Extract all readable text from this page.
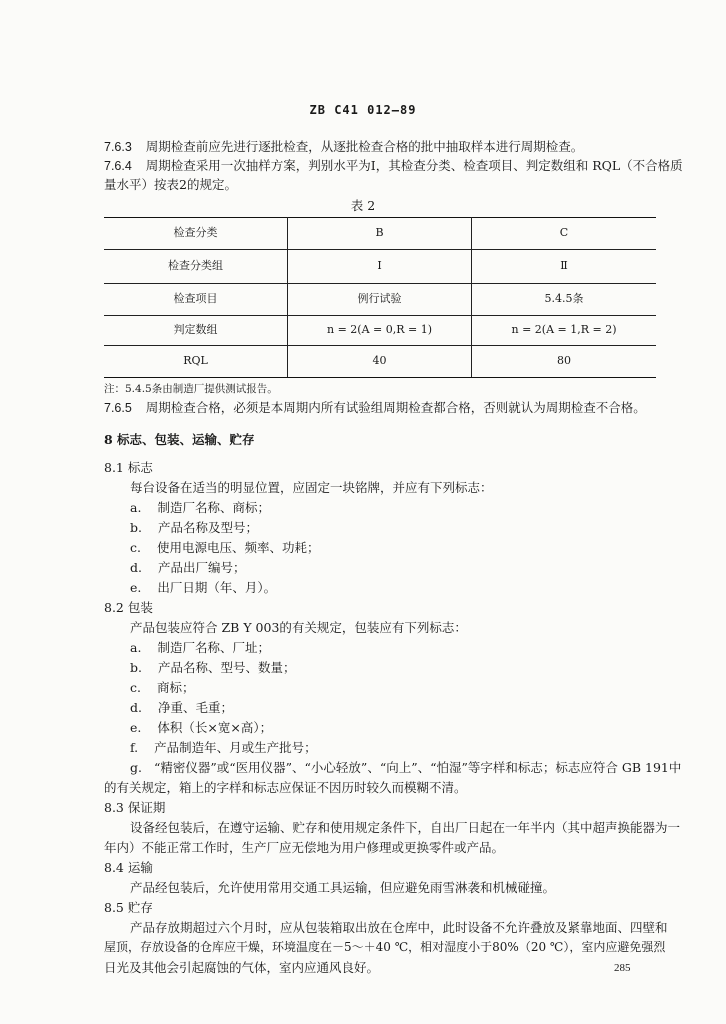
ZB C41 012—89
7.6.3 周期检查前应先进行逐批检查，从逐批检查合格的批中抽取样本进行周期检查。
7.6.4 周期检查采用一次抽样方案，判别水平为Ⅰ，其检查分类、检查项目、判定数组和 RQL（不合格质
量水平）按表2的规定。
表 2
检查分类	B	C
检查分类组	Ⅰ	Ⅱ
检查项目	例行试验	5.4.5条
判定数组	n = 2(A = 0,R = 1)	n = 2(A = 1,R = 2)
RQL	40	80
注：5.4.5条由制造厂提供测试报告。
7.6.5 周期检查合格，必须是本周期内所有试验组周期检查都合格，否则就认为周期检查不合格。
8 标志、包装、运输、贮存
8.1 标志
每台设备在适当的明显位置，应固定一块铭牌，并应有下列标志：
a. 制造厂名称、商标；
b. 产品名称及型号；
c. 使用电源电压、频率、功耗；
d. 产品出厂编号；
e. 出厂日期（年、月）。
8.2 包装
产品包装应符合 ZB Y 003的有关规定，包装应有下列标志：
a. 制造厂名称、厂址；
b. 产品名称、型号、数量；
c. 商标；
d. 净重、毛重；
e. 体积（长×宽×高）；
f. 产品制造年、月或生产批号；
g. “精密仪器”或“医用仪器”、“小心轻放”、“向上”、“怕湿”等字样和标志；标志应符合 GB 191中
的有关规定，箱上的字样和标志应保证不因历时较久而模糊不清。
8.3 保证期
设备经包装后，在遵守运输、贮存和使用规定条件下，自出厂日起在一年半内（其中超声换能器为一
年内）不能正常工作时，生产厂应无偿地为用户修理或更换零件或产品。
8.4 运输
产品经包装后，允许使用常用交通工具运输，但应避免雨雪淋袭和机械碰撞。
8.5 贮存
产品存放期超过六个月时，应从包装箱取出放在仓库中，此时设备不允许叠放及紧靠地面、四壁和
屋顶，存放设备的仓库应干燥，环境温度在－5～＋40 ℃，相对湿度小于80%（20 ℃），室内应避免强烈
日光及其他会引起腐蚀的气体，室内应通风良好。	285
